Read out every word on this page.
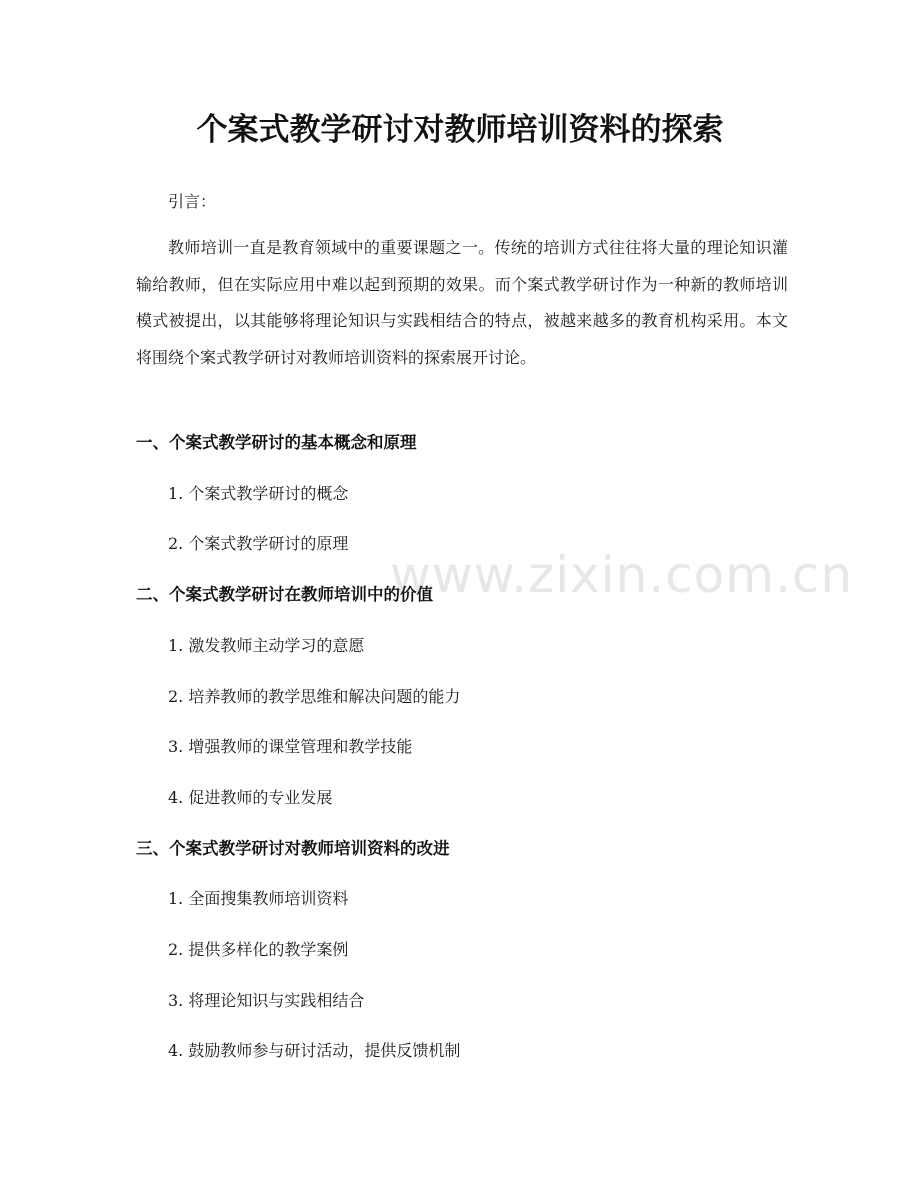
个案式教学研讨对教师培训资料的探索

引言：

教师培训一直是教育领域中的重要课题之一。传统的培训方式往往将大量的理论知识灌输给教师，但在实际应用中难以起到预期的效果。而个案式教学研讨作为一种新的教师培训模式被提出，以其能够将理论知识与实践相结合的特点，被越来越多的教育机构采用。本文将围绕个案式教学研讨对教师培训资料的探索展开讨论。

一、个案式教学研讨的基本概念和原理

1. 个案式教学研讨的概念

2. 个案式教学研讨的原理

二、个案式教学研讨在教师培训中的价值

1. 激发教师主动学习的意愿

2. 培养教师的教学思维和解决问题的能力

3. 增强教师的课堂管理和教学技能

4. 促进教师的专业发展

三、个案式教学研讨对教师培训资料的改进

1. 全面搜集教师培训资料

2. 提供多样化的教学案例

3. 将理论知识与实践相结合

4. 鼓励教师参与研讨活动，提供反馈机制

www.zixin.com.cn
